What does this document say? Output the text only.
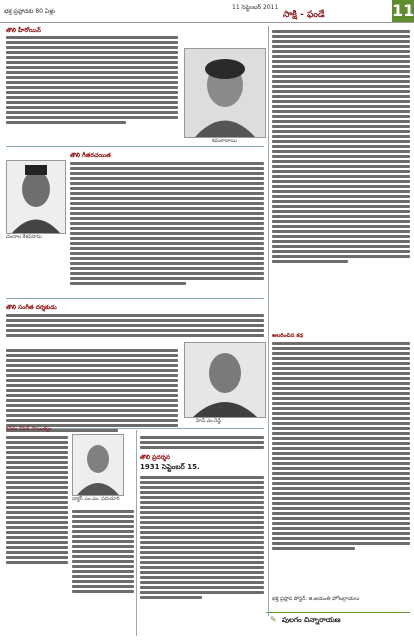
భక్త ప్రహ్లాదకు 80 ఏళ్లు
11 సెప్టెంబర్ 2011
సాక్షి - ఫండే	11
తొలి హీరోయిన్
కమలాబాయి
తొలి గీతరచయిత
చందాల కేశవదాసు
తొలి సంగీత దర్శకుడు
హెచ్.ఎం.రెడ్డి
డాక్టర్ ఎం.ఎం. పరుచూరి
తొలి ప్రదర్శన
1931 సెప్టెంబర్ 15.
అలరించిన కథ
భక్త ప్రహ్లాద పోస్టర్: జి.జయంతి హోటల్రాయలు
✎ పులగం చిన్నారాయణ
కనకం రేవణ్ సాయిత్యం
